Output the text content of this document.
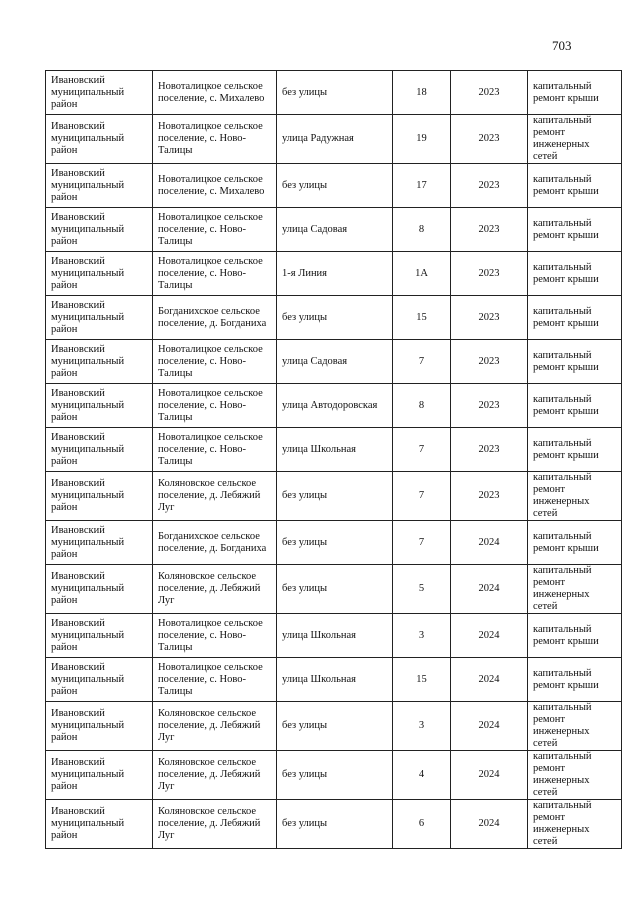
703
Ивановский муниципальный район	Новоталицкое сельское поселение, с. Михалево	без улицы	18	2023	капитальный ремонт крыши
Ивановский муниципальный район	Новоталицкое сельское поселение, с. Ново-Талицы	улица Радужная	19	2023	капитальный ремонт инженерных сетей
Ивановский муниципальный район	Новоталицкое сельское поселение, с. Михалево	без улицы	17	2023	капитальный ремонт крыши
Ивановский муниципальный район	Новоталицкое сельское поселение, с. Ново-Талицы	улица Садовая	8	2023	капитальный ремонт крыши
Ивановский муниципальный район	Новоталицкое сельское поселение, с. Ново-Талицы	1-я Линия	1А	2023	капитальный ремонт крыши
Ивановский муниципальный район	Богданихское сельское поселение, д. Богданиха	без улицы	15	2023	капитальный ремонт крыши
Ивановский муниципальный район	Новоталицкое сельское поселение, с. Ново-Талицы	улица Садовая	7	2023	капитальный ремонт крыши
Ивановский муниципальный район	Новоталицкое сельское поселение, с. Ново-Талицы	улица Автодоровская	8	2023	капитальный ремонт крыши
Ивановский муниципальный район	Новоталицкое сельское поселение, с. Ново-Талицы	улица Школьная	7	2023	капитальный ремонт крыши
Ивановский муниципальный район	Коляновское сельское поселение, д. Лебяжий Луг	без улицы	7	2023	капитальный ремонт инженерных сетей
Ивановский муниципальный район	Богданихское сельское поселение, д. Богданиха	без улицы	7	2024	капитальный ремонт крыши
Ивановский муниципальный район	Коляновское сельское поселение, д. Лебяжий Луг	без улицы	5	2024	капитальный ремонт инженерных сетей
Ивановский муниципальный район	Новоталицкое сельское поселение, с. Ново-Талицы	улица Школьная	3	2024	капитальный ремонт крыши
Ивановский муниципальный район	Новоталицкое сельское поселение, с. Ново-Талицы	улица Школьная	15	2024	капитальный ремонт крыши
Ивановский муниципальный район	Коляновское сельское поселение, д. Лебяжий Луг	без улицы	3	2024	капитальный ремонт инженерных сетей
Ивановский муниципальный район	Коляновское сельское поселение, д. Лебяжий Луг	без улицы	4	2024	капитальный ремонт инженерных сетей
Ивановский муниципальный район	Коляновское сельское поселение, д. Лебяжий Луг	без улицы	6	2024	капитальный ремонт инженерных сетей
